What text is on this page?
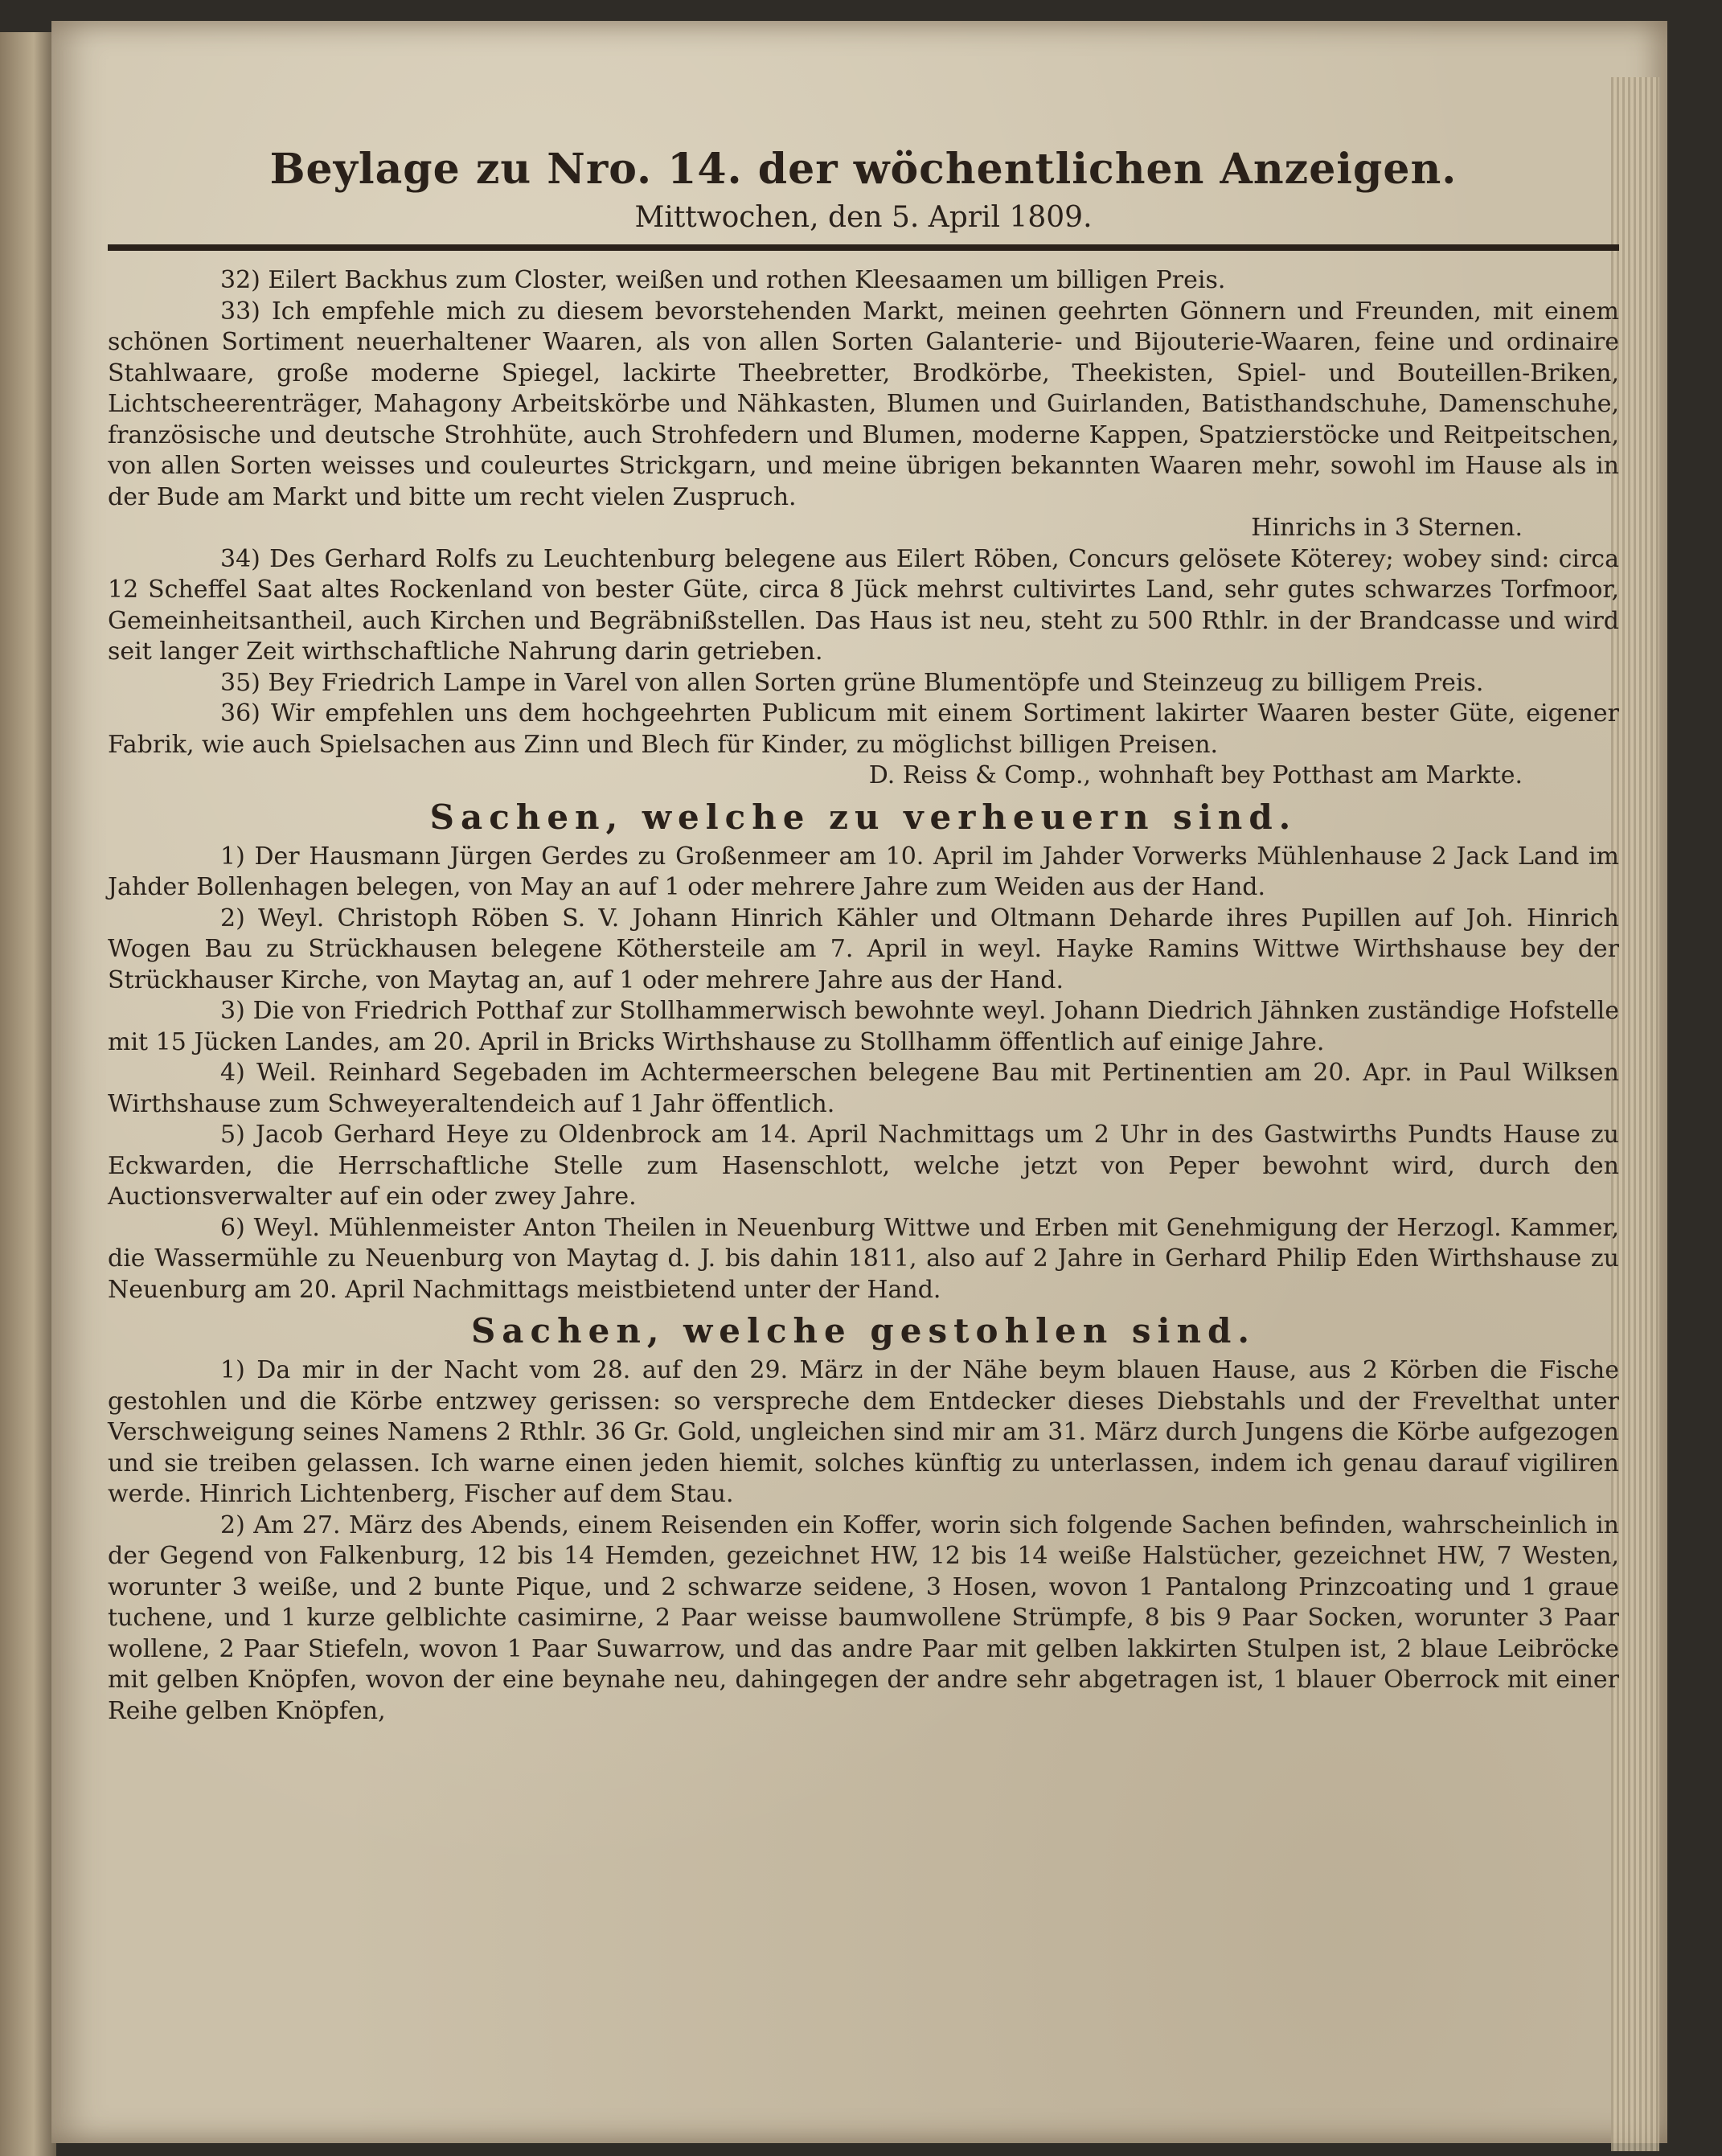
Beylage zu Nro. 14. der wöchentlichen Anzeigen.

Mittwochen, den 5. April 1809.

32) Eilert Backhus zum Closter, weißen und rothen Kleesaamen um billigen Preis.

33) Ich empfehle mich zu diesem bevorstehenden Markt, meinen geehrten Gönnern und Freunden, mit einem schönen Sortiment neuerhaltener Waaren, als von allen Sorten Galanterie- und Bijouterie-Waaren, feine und ordinaire Stahlwaare, große moderne Spiegel, lackirte Theebretter, Brodkörbe, Theekisten, Spiel- und Bouteillen-Briken, Lichtscheerenträger, Mahagony Arbeitskörbe und Nähkasten, Blumen und Guirlanden, Batisthandschuhe, Damenschuhe, französische und deutsche Strohhüte, auch Strohfedern und Blumen, moderne Kappen, Spatzierstöcke und Reitpeitschen, von allen Sorten weisses und couleurtes Strickgarn, und meine übrigen bekannten Waaren mehr, sowohl im Hause als in der Bude am Markt und bitte um recht vielen Zuspruch.

Hinrichs in 3 Sternen.

34) Des Gerhard Rolfs zu Leuchtenburg belegene aus Eilert Röben, Concurs gelösete Köterey; wobey sind: circa 12 Scheffel Saat altes Rockenland von bester Güte, circa 8 Jück mehrst cultivirtes Land, sehr gutes schwarzes Torfmoor, Gemeinheitsantheil, auch Kirchen und Begräbnißstellen. Das Haus ist neu, steht zu 500 Rthlr. in der Brandcasse und wird seit langer Zeit wirthschaftliche Nahrung darin getrieben.

35) Bey Friedrich Lampe in Varel von allen Sorten grüne Blumentöpfe und Steinzeug zu billigem Preis.

36) Wir empfehlen uns dem hochgeehrten Publicum mit einem Sortiment lakirter Waaren bester Güte, eigener Fabrik, wie auch Spielsachen aus Zinn und Blech für Kinder, zu möglichst billigen Preisen.

D. Reiss & Comp., wohnhaft bey Potthast am Markte.

Sachen, welche zu verheuern sind.

1) Der Hausmann Jürgen Gerdes zu Großenmeer am 10. April im Jahder Vorwerks Mühlenhause 2 Jack Land im Jahder Bollenhagen belegen, von May an auf 1 oder mehrere Jahre zum Weiden aus der Hand.

2) Weyl. Christoph Röben S. V. Johann Hinrich Kähler und Oltmann Deharde ihres Pupillen auf Joh. Hinrich Wogen Bau zu Strückhausen belegene Köthersteile am 7. April in weyl. Hayke Ramins Wittwe Wirthshause bey der Strückhauser Kirche, von Maytag an, auf 1 oder mehrere Jahre aus der Hand.

3) Die von Friedrich Potthaf zur Stollhammerwisch bewohnte weyl. Johann Diedrich Jähnken zuständige Hofstelle mit 15 Jücken Landes, am 20. April in Bricks Wirthshause zu Stollhamm öffentlich auf einige Jahre.

4) Weil. Reinhard Segebaden im Achtermeerschen belegene Bau mit Pertinentien am 20. Apr. in Paul Wilksen Wirthshause zum Schweyeraltendeich auf 1 Jahr öffentlich.

5) Jacob Gerhard Heye zu Oldenbrock am 14. April Nachmittags um 2 Uhr in des Gastwirths Pundts Hause zu Eckwarden, die Herrschaftliche Stelle zum Hasenschlott, welche jetzt von Peper bewohnt wird, durch den Auctionsverwalter auf ein oder zwey Jahre.

6) Weyl. Mühlenmeister Anton Theilen in Neuenburg Wittwe und Erben mit Genehmigung der Herzogl. Kammer, die Wassermühle zu Neuenburg von Maytag d. J. bis dahin 1811, also auf 2 Jahre in Gerhard Philip Eden Wirthshause zu Neuenburg am 20. April Nachmittags meistbietend unter der Hand.

Sachen, welche gestohlen sind.

1) Da mir in der Nacht vom 28. auf den 29. März in der Nähe beym blauen Hause, aus 2 Körben die Fische gestohlen und die Körbe entzwey gerissen: so verspreche dem Entdecker dieses Diebstahls und der Frevelthat unter Verschweigung seines Namens 2 Rthlr. 36 Gr. Gold, ungleichen sind mir am 31. März durch Jungens die Körbe aufgezogen und sie treiben gelassen. Ich warne einen jeden hiemit, solches künftig zu unterlassen, indem ich genau darauf vigiliren werde. Hinrich Lichtenberg, Fischer auf dem Stau.

2) Am 27. März des Abends, einem Reisenden ein Koffer, worin sich folgende Sachen befinden, wahrscheinlich in der Gegend von Falkenburg, 12 bis 14 Hemden, gezeichnet HW, 12 bis 14 weiße Halstücher, gezeichnet HW, 7 Westen, worunter 3 weiße, und 2 bunte Pique, und 2 schwarze seidene, 3 Hosen, wovon 1 Pantalong Prinzcoating und 1 graue tuchene, und 1 kurze gelblichte casimirne, 2 Paar weisse baumwollene Strümpfe, 8 bis 9 Paar Socken, worunter 3 Paar wollene, 2 Paar Stiefeln, wovon 1 Paar Suwarrow, und das andre Paar mit gelben lakkirten Stulpen ist, 2 blaue Leibröcke mit gelben Knöpfen, wovon der eine beynahe neu, dahingegen der andre sehr abgetragen ist, 1 blauer Oberrock mit einer Reihe gelben Knöpfen,
